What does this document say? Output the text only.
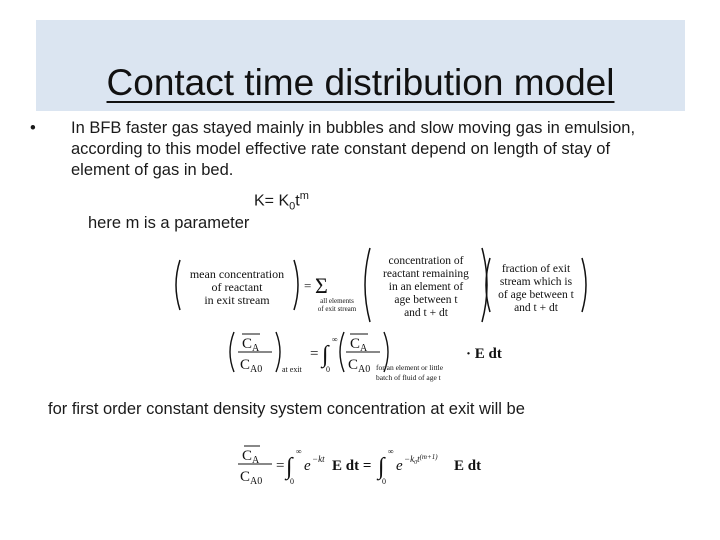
Contact time distribution model
• In BFB faster gas stayed mainly in bubbles and slow moving gas in emulsion, according to this model effective rate constant depend on length of stay of element of gas in bed.
$K= K_0t^m$
here m is a parameter
mean concentration
of reactant
in exit stream
= Σ
all elements
of exit stream
concentration of
reactant remaining
in an element of
age between t
and t + dt
fraction of exit
stream which is
of age between t
and t + dt
$C_A$
$C_{A0}$ at exit
= ∫
∞
0
$C_A$
$C_{A0}$ for an element or little
batch of fluid of age t
· E dt
for first order constant density system concentration at exit will be
$C_A$
$C_{A0}$
= ∫
∞
0
e −kt E dt = ∫
∞
0
$e -k_0t^{(m+1)}$
E dt
